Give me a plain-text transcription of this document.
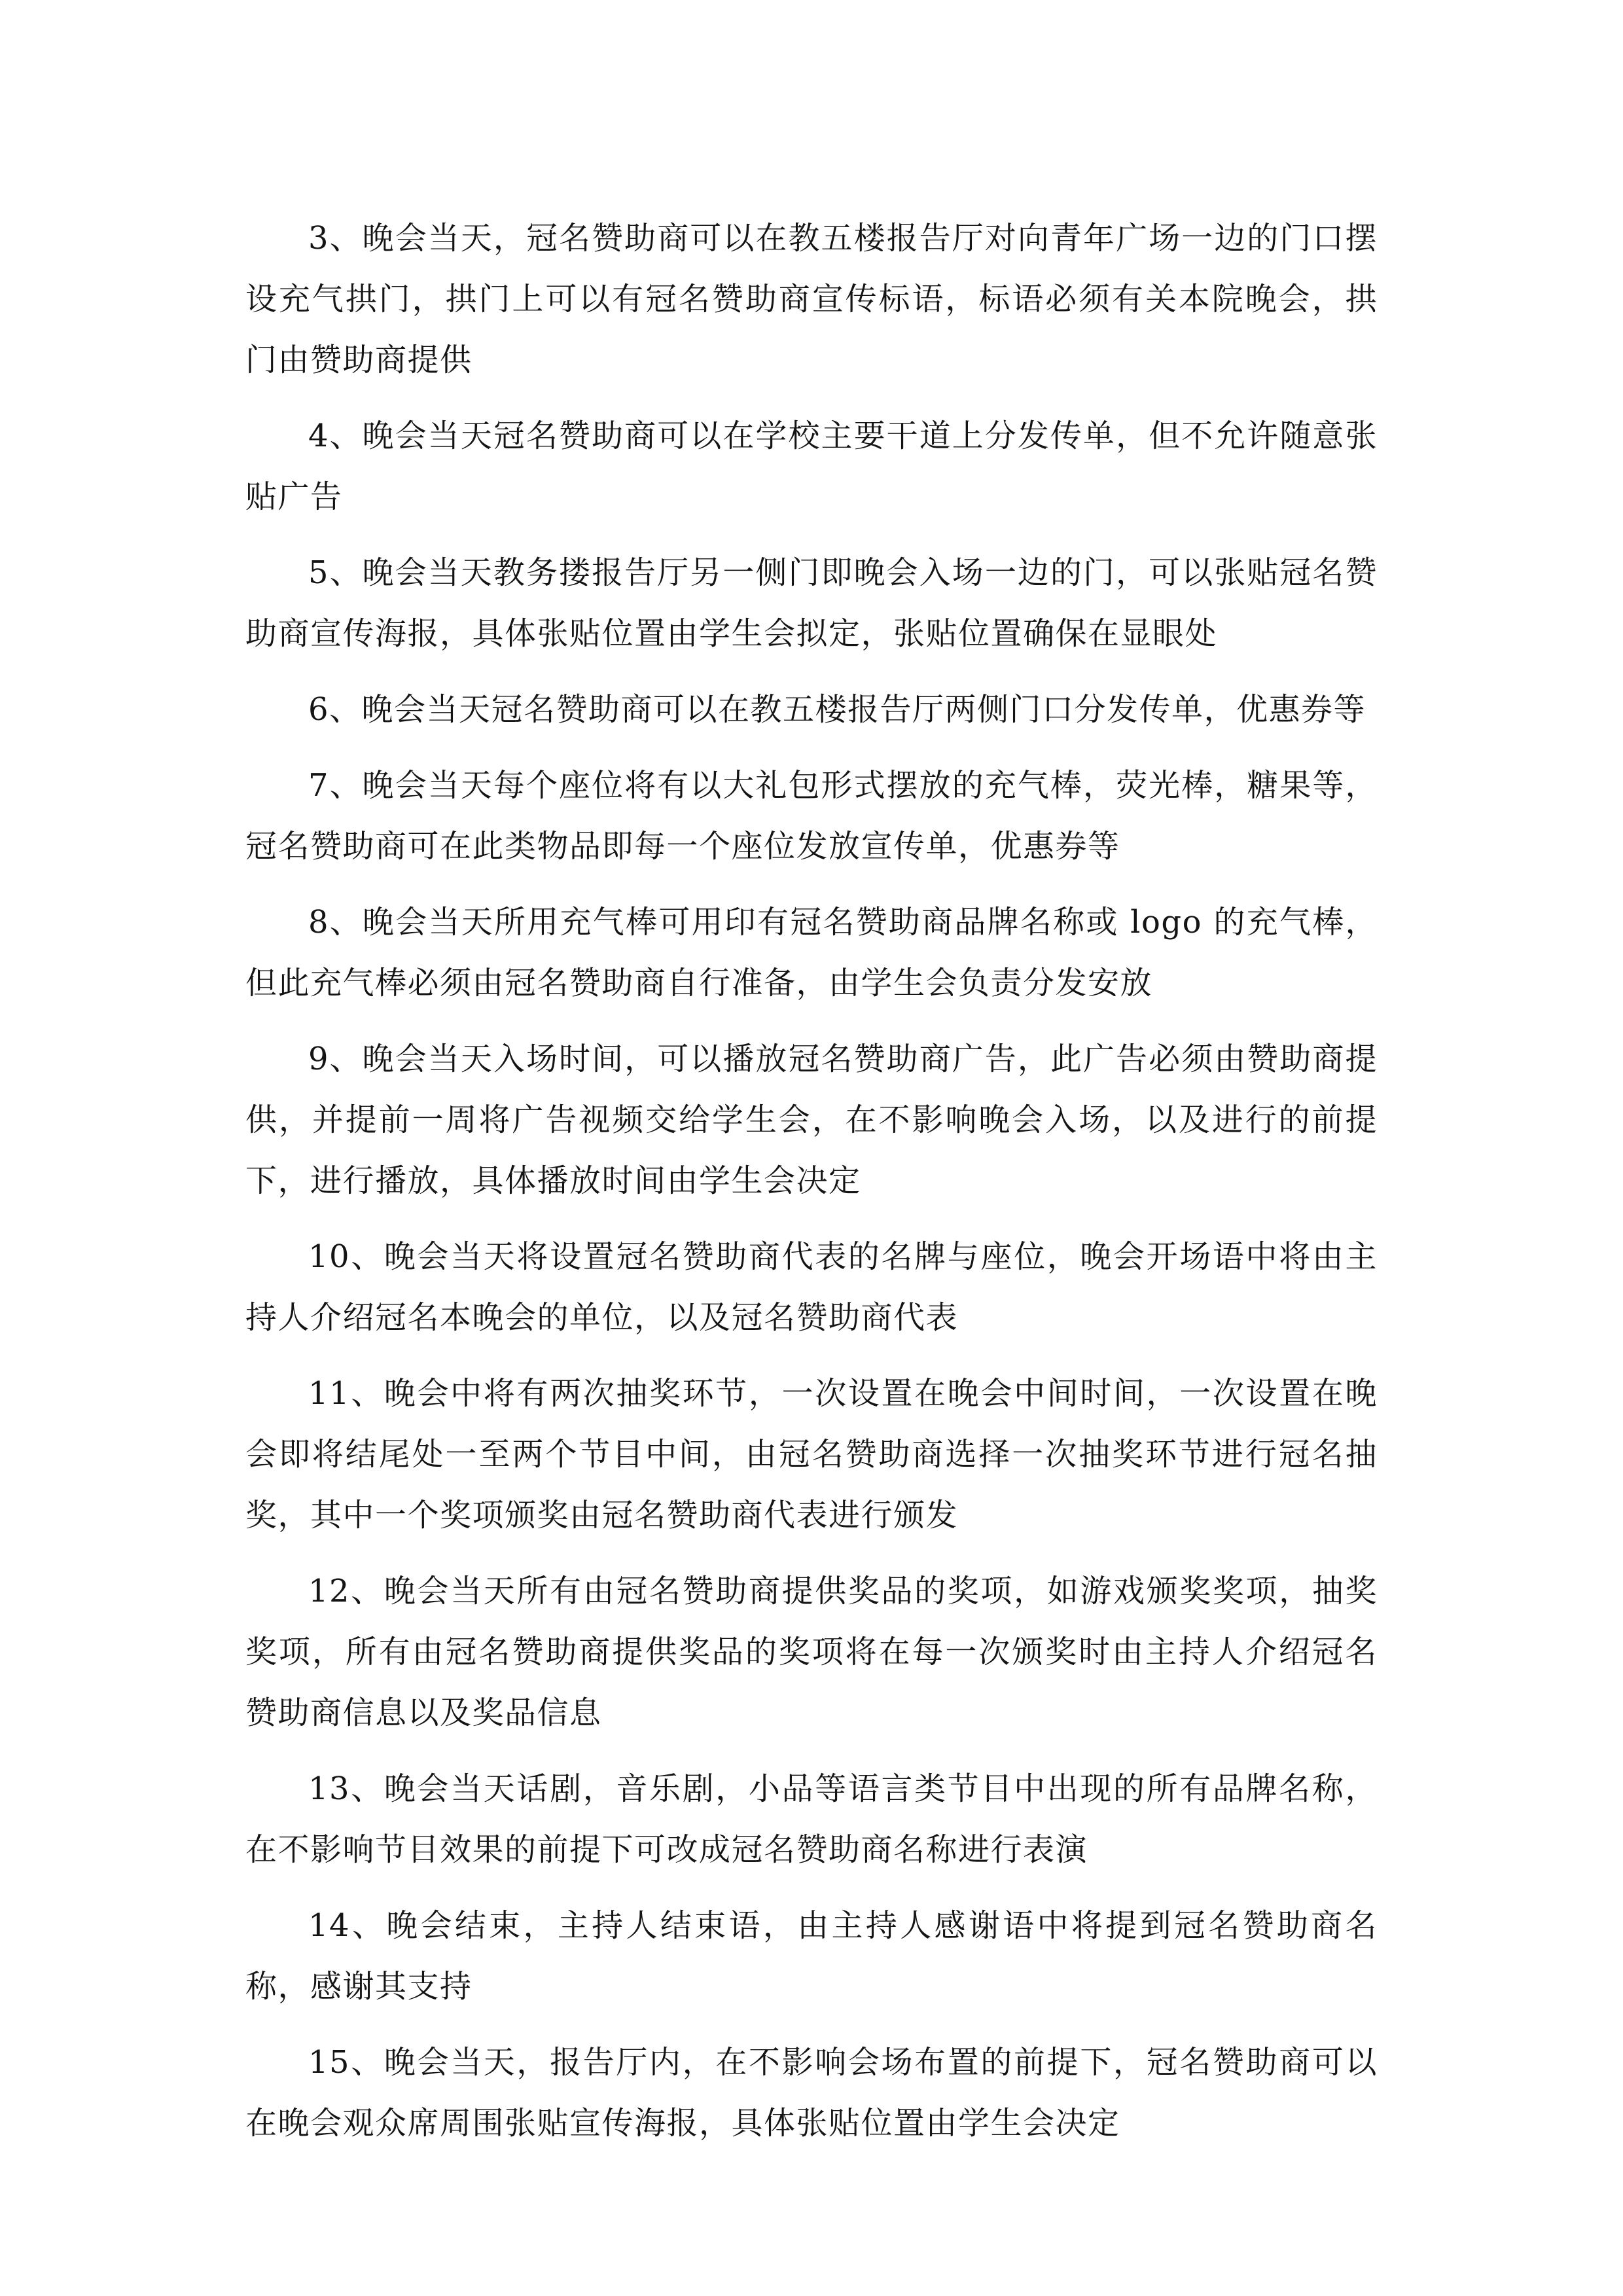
3、晚会当天，冠名赞助商可以在教五楼报告厅对向青年广场一边的门口摆设充气拱门，拱门上可以有冠名赞助商宣传标语，标语必须有关本院晚会，拱门由赞助商提供

4、晚会当天冠名赞助商可以在学校主要干道上分发传单，但不允许随意张贴广告

5、晚会当天教务搂报告厅另一侧门即晚会入场一边的门，可以张贴冠名赞助商宣传海报，具体张贴位置由学生会拟定，张贴位置确保在显眼处

6、晚会当天冠名赞助商可以在教五楼报告厅两侧门口分发传单，优惠券等

7、晚会当天每个座位将有以大礼包形式摆放的充气棒，荧光棒，糖果等，冠名赞助商可在此类物品即每一个座位发放宣传单，优惠券等

8、晚会当天所用充气棒可用印有冠名赞助商品牌名称或 logo 的充气棒，但此充气棒必须由冠名赞助商自行准备，由学生会负责分发安放

9、晚会当天入场时间，可以播放冠名赞助商广告，此广告必须由赞助商提供，并提前一周将广告视频交给学生会，在不影响晚会入场，以及进行的前提下，进行播放，具体播放时间由学生会决定

10、晚会当天将设置冠名赞助商代表的名牌与座位，晚会开场语中将由主持人介绍冠名本晚会的单位，以及冠名赞助商代表

11、晚会中将有两次抽奖环节，一次设置在晚会中间时间，一次设置在晚会即将结尾处一至两个节目中间，由冠名赞助商选择一次抽奖环节进行冠名抽奖，其中一个奖项颁奖由冠名赞助商代表进行颁发

12、晚会当天所有由冠名赞助商提供奖品的奖项，如游戏颁奖奖项，抽奖奖项，所有由冠名赞助商提供奖品的奖项将在每一次颁奖时由主持人介绍冠名赞助商信息以及奖品信息

13、晚会当天话剧，音乐剧，小品等语言类节目中出现的所有品牌名称，在不影响节目效果的前提下可改成冠名赞助商名称进行表演

14、晚会结束，主持人结束语，由主持人感谢语中将提到冠名赞助商名称，感谢其支持

15、晚会当天，报告厅内，在不影响会场布置的前提下，冠名赞助商可以在晚会观众席周围张贴宣传海报，具体张贴位置由学生会决定
